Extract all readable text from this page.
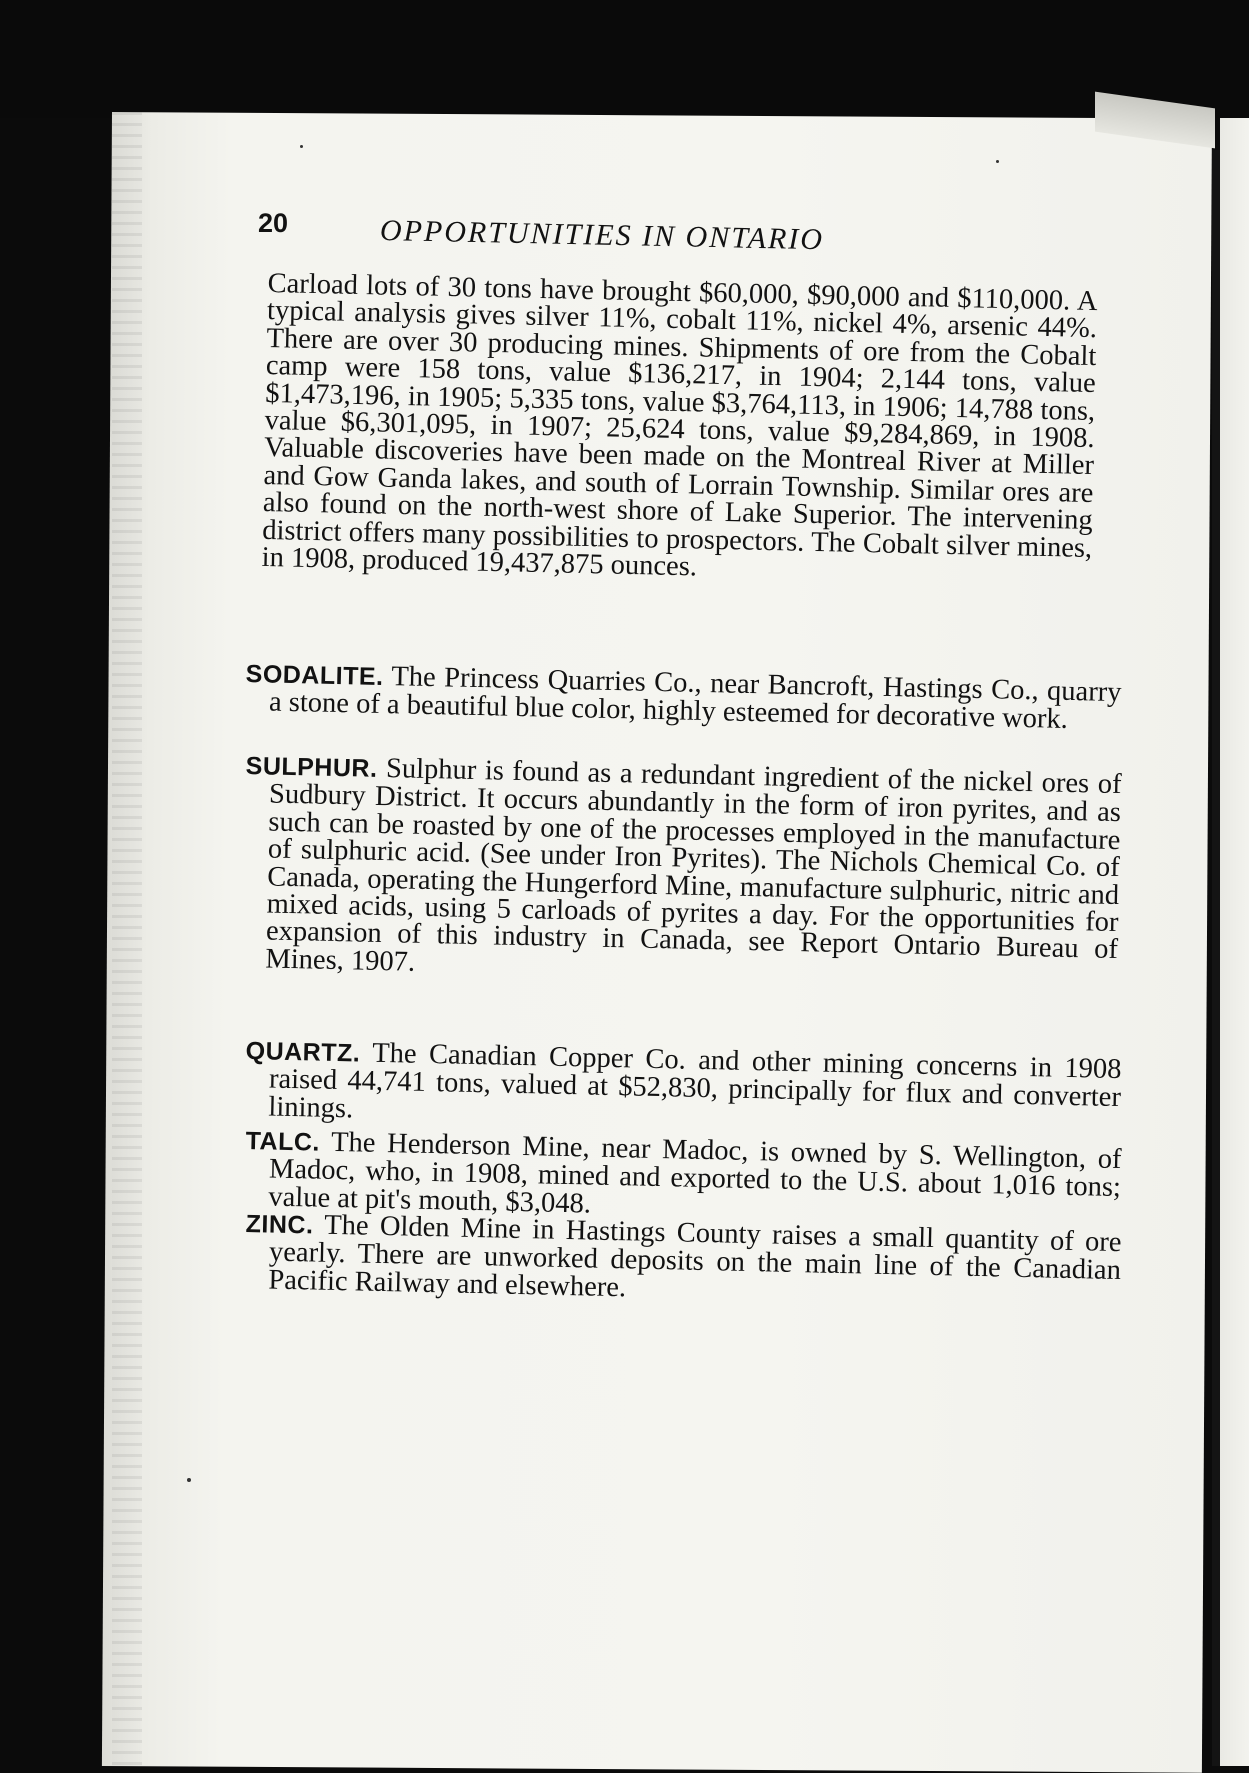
20	OPPORTUNITIES IN ONTARIO
Carload lots of 30 tons have brought $60,000, $90,000 and $110,000. A typical analysis gives silver 11%, cobalt 11%, nickel 4%, arsenic 44%. There are over 30 producing mines. Shipments of ore from the Cobalt camp were 158 tons, value $136,217, in 1904; 2,144 tons, value $1,473,196, in 1905; 5,335 tons, value $3,764,113, in 1906; 14,788 tons, value $6,301,095, in 1907; 25,624 tons, value $9,284,869, in 1908. Valuable discoveries have been made on the Montreal River at Miller and Gow Ganda lakes, and south of Lorrain Township. Similar ores are also found on the north-west shore of Lake Superior. The intervening district offers many possibilities to prospectors. The Cobalt silver mines, in 1908, produced 19,437,875 ounces.
SODALITE. The Princess Quarries Co., near Bancroft, Hastings Co., quarry a stone of a beautiful blue color, highly esteemed for decorative work.
SULPHUR. Sulphur is found as a redundant ingredient of the nickel ores of Sudbury District. It occurs abundantly in the form of iron pyrites, and as such can be roasted by one of the processes employed in the manufacture of sulphuric acid. (See under Iron Pyrites). The Nichols Chemical Co. of Canada, operating the Hungerford Mine, manufacture sulphuric, nitric and mixed acids, using 5 carloads of pyrites a day. For the opportunities for expansion of this industry in Canada, see Report Ontario Bureau of Mines, 1907.
QUARTZ. The Canadian Copper Co. and other mining concerns in 1908 raised 44,741 tons, valued at $52,830, principally for flux and converter linings.
TALC. The Henderson Mine, near Madoc, is owned by S. Wellington, of Madoc, who, in 1908, mined and exported to the U.S. about 1,016 tons; value at pit's mouth, $3,048.
ZINC. The Olden Mine in Hastings County raises a small quantity of ore yearly. There are unworked deposits on the main line of the Canadian Pacific Railway and elsewhere.
